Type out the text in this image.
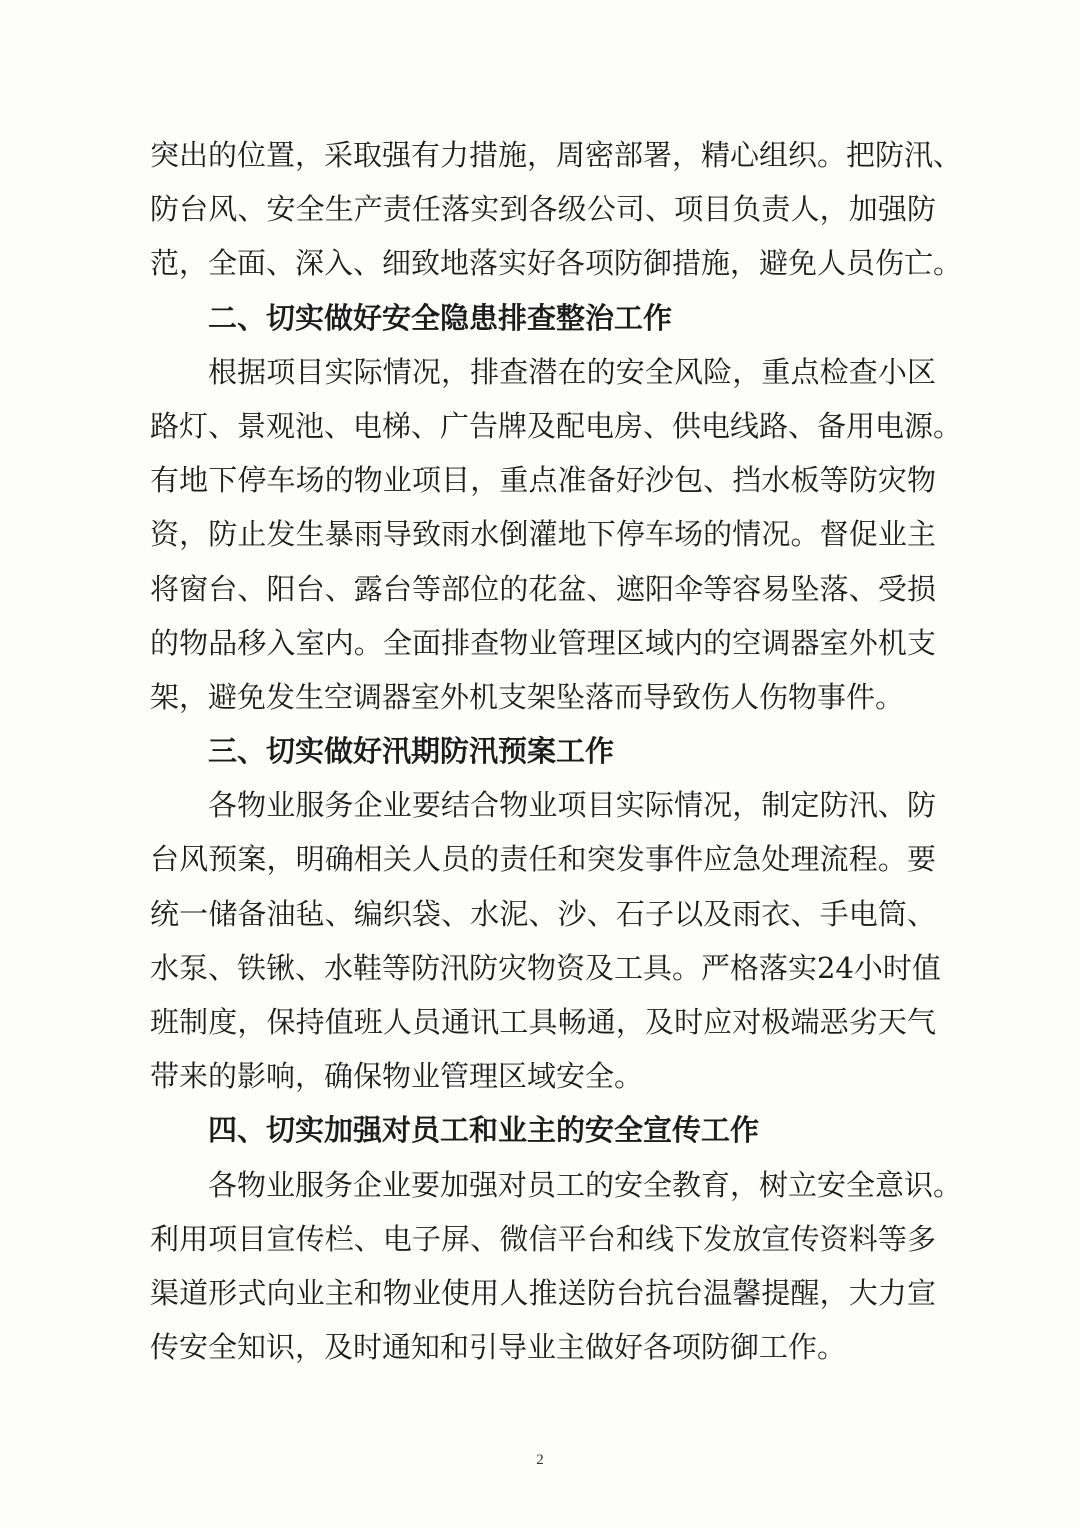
突出的位置，采取强有力措施，周密部署，精心组织。把防汛、
防台风、安全生产责任落实到各级公司、项目负责人，加强防
范，全面、深入、细致地落实好各项防御措施，避免人员伤亡。
二、切实做好安全隐患排查整治工作
根据项目实际情况，排查潜在的安全风险，重点检查小区
路灯、景观池、电梯、广告牌及配电房、供电线路、备用电源。
有地下停车场的物业项目，重点准备好沙包、挡水板等防灾物
资，防止发生暴雨导致雨水倒灌地下停车场的情况。督促业主
将窗台、阳台、露台等部位的花盆、遮阳伞等容易坠落、受损
的物品移入室内。全面排查物业管理区域内的空调器室外机支
架，避免发生空调器室外机支架坠落而导致伤人伤物事件。
三、切实做好汛期防汛预案工作
各物业服务企业要结合物业项目实际情况，制定防汛、防
台风预案，明确相关人员的责任和突发事件应急处理流程。要
统一储备油毡、编织袋、水泥、沙、石子以及雨衣、手电筒、
水泵、铁锹、水鞋等防汛防灾物资及工具。严格落实24小时值
班制度，保持值班人员通讯工具畅通，及时应对极端恶劣天气
带来的影响，确保物业管理区域安全。
四、切实加强对员工和业主的安全宣传工作
各物业服务企业要加强对员工的安全教育，树立安全意识。
利用项目宣传栏、电子屏、微信平台和线下发放宣传资料等多
渠道形式向业主和物业使用人推送防台抗台温馨提醒，大力宣
传安全知识，及时通知和引导业主做好各项防御工作。
2
